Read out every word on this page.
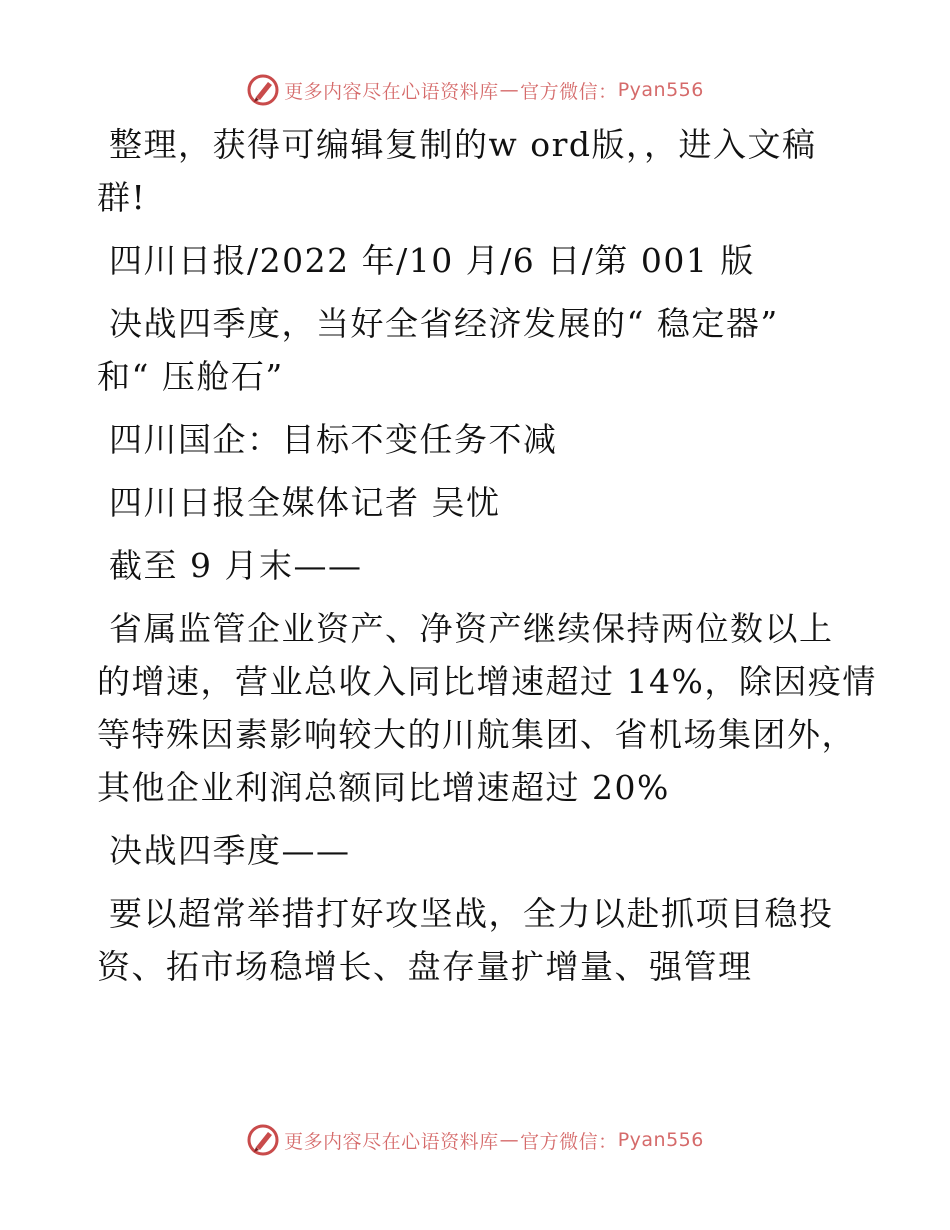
更多内容尽在心语资料库 — 官方微信： Pyan556

整理，获得可编辑复制的w ord版，，进入文稿

群!

四川日报/2022 年/10 月/6 日/第 001 版

决战四季度，当好全省经济发展的“ 稳定器”

和“ 压舱石”

四川国企：目标不变任务不减

四川日报全媒体记者 吴忧

截至 9 月末——

省属监管企业资产、净资产继续保持两位数以上

的增速，营业总收入同比增速超过 14%，除因疫情

等特殊因素影响较大的川航集团、省机场集团外，

其他企业利润总额同比增速超过 20%

决战四季度——

要以超常举措打好攻坚战，全力以赴抓项目稳投

资、拓市场稳增长、盘存量扩增量、强管理

更多内容尽在心语资料库 — 官方微信： Pyan556
